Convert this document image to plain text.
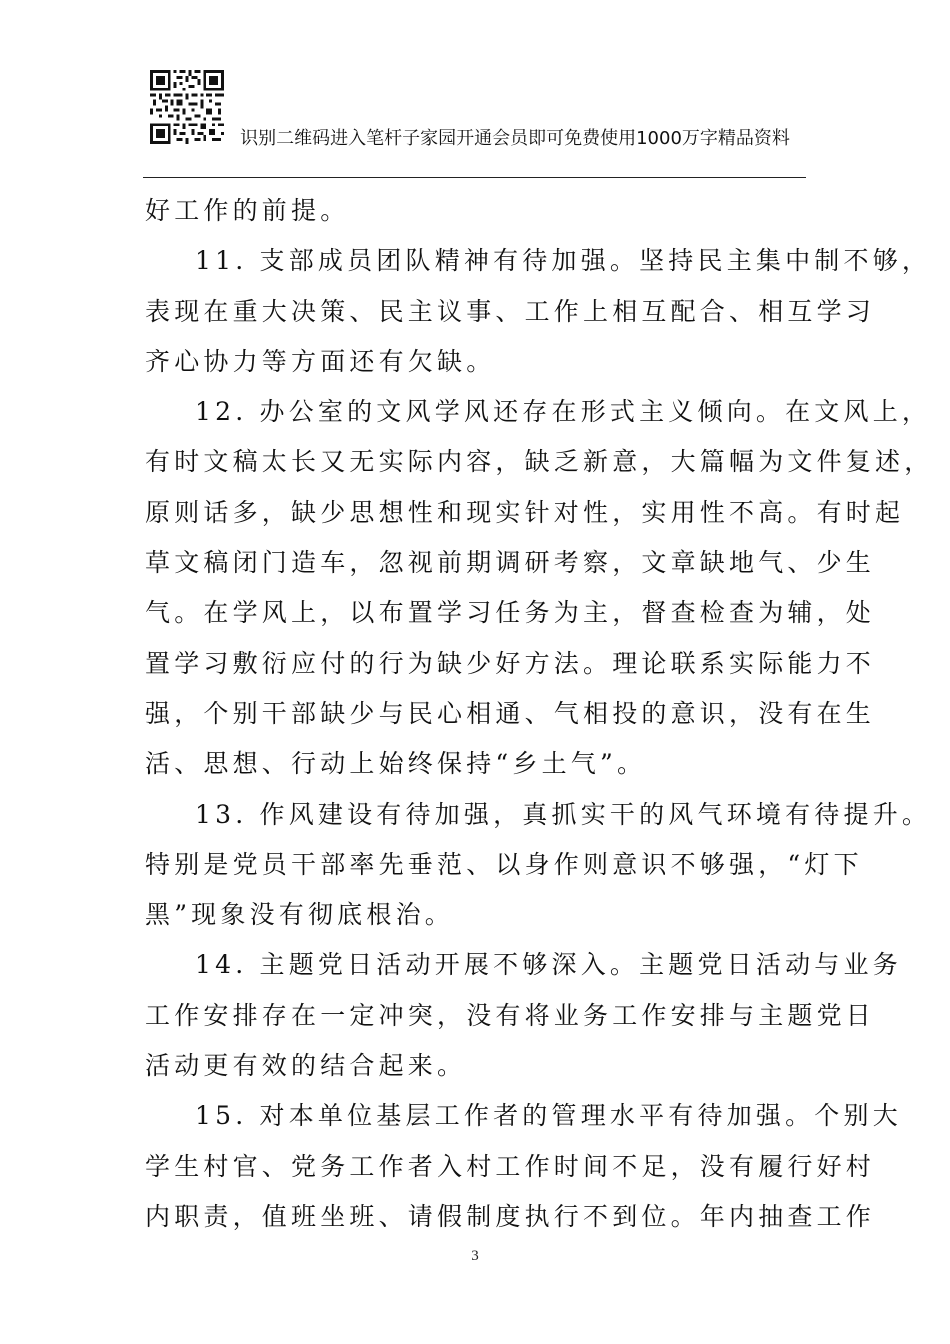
识别二维码进入笔杆子家园开通会员即可免费使用1000万字精品资料
好工作的前提。
11. 支部成员团队精神有待加强。坚持民主集中制不够，
表现在重大决策、民主议事、工作上相互配合、相互学习
齐心协力等方面还有欠缺。
12. 办公室的文风学风还存在形式主义倾向。在文风上，
有时文稿太长又无实际内容，缺乏新意，大篇幅为文件复述，
原则话多，缺少思想性和现实针对性，实用性不高。有时起
草文稿闭门造车，忽视前期调研考察，文章缺地气、少生
气。在学风上，以布置学习任务为主，督查检查为辅，处
置学习敷衍应付的行为缺少好方法。理论联系实际能力不
强，个别干部缺少与民心相通、气相投的意识，没有在生
活、思想、行动上始终保持“乡土气”。
13. 作风建设有待加强，真抓实干的风气环境有待提升。
特别是党员干部率先垂范、以身作则意识不够强，“灯下
黑”现象没有彻底根治。
14. 主题党日活动开展不够深入。主题党日活动与业务
工作安排存在一定冲突，没有将业务工作安排与主题党日
活动更有效的结合起来。
15. 对本单位基层工作者的管理水平有待加强。个别大
学生村官、党务工作者入村工作时间不足，没有履行好村
内职责，值班坐班、请假制度执行不到位。年内抽查工作
3
